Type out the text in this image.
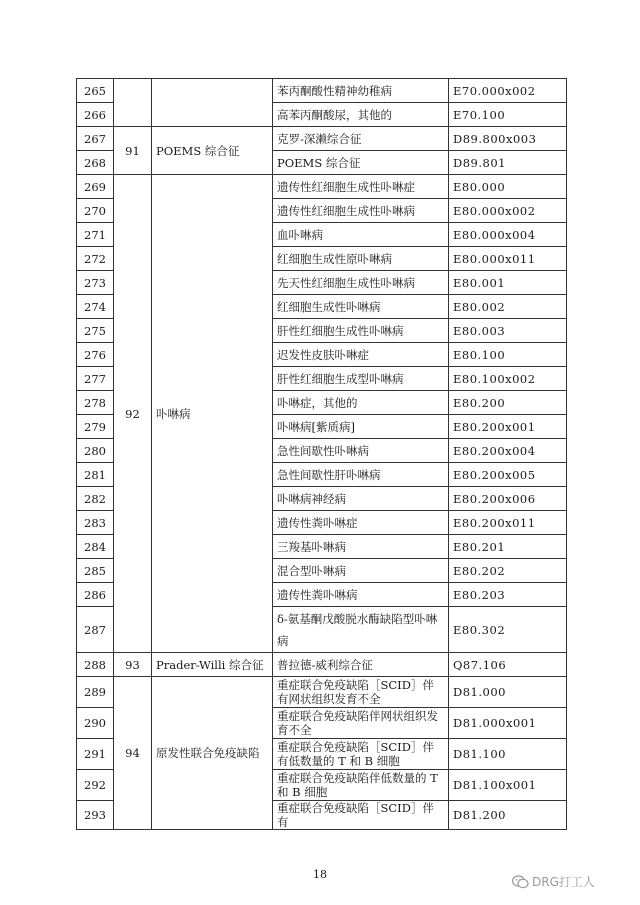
265			苯丙酮酸性精神幼稚病	E70.000x002
266			高苯丙酮酸尿，其他的	E70.100
267	91	POEMS 综合征	克罗-深濑综合征	D89.800x003
268			POEMS 综合征	D89.801
269	92	卟啉病	遗传性红细胞生成性卟啉症	E80.000
270			遗传性红细胞生成性卟啉病	E80.000x002
271			血卟啉病	E80.000x004
272			红细胞生成性原卟啉病	E80.000x011
273			先天性红细胞生成性卟啉病	E80.001
274			红细胞生成性卟啉病	E80.002
275			肝性红细胞生成性卟啉病	E80.003
276			迟发性皮肤卟啉症	E80.100
277			肝性红细胞生成型卟啉病	E80.100x002
278			卟啉症，其他的	E80.200
279			卟啉病[紫质病]	E80.200x001
280			急性间歇性卟啉病	E80.200x004
281			急性间歇性肝卟啉病	E80.200x005
282			卟啉病神经病	E80.200x006
283			遗传性粪卟啉症	E80.200x011
284			三羧基卟啉病	E80.201
285			混合型卟啉病	E80.202
286			遗传性粪卟啉病	E80.203
287			δ-氨基酮戊酸脱水酶缺陷型卟啉病	E80.302
288	93	Prader-Willi 综合征	普拉德-威利综合征	Q87.106
289	94	原发性联合免疫缺陷	重症联合免疫缺陷［SCID］伴有网状组织发育不全	D81.000
290			重症联合免疫缺陷伴网状组织发育不全	D81.000x001
291			重症联合免疫缺陷［SCID］伴有低数量的 T 和 B 细胞	D81.100
292			重症联合免疫缺陷伴低数量的 T 和 B 细胞	D81.100x001
293			重症联合免疫缺陷［SCID］伴有	D81.200
18
DRG打工人
